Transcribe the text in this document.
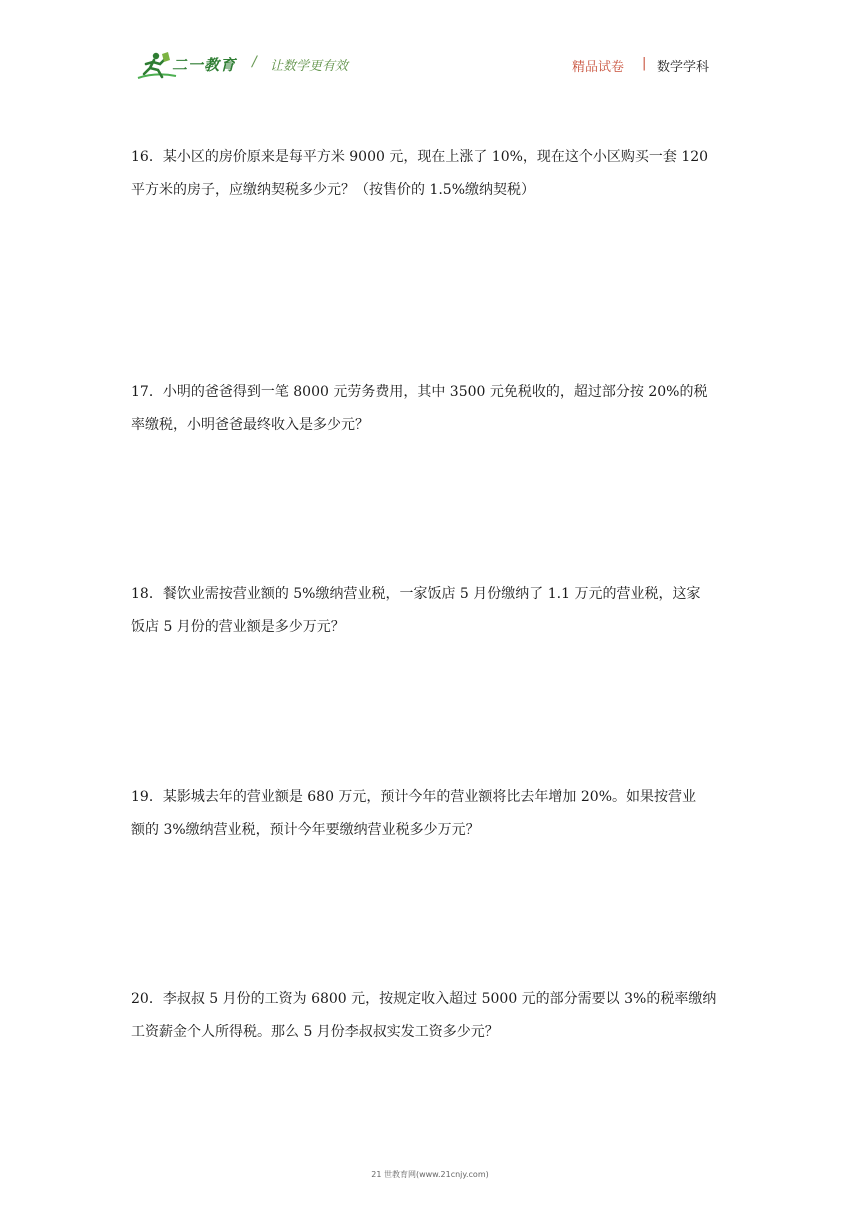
二一教育 / 让数学更有效	精品试卷 | 数学学科
16．某小区的房价原来是每平方米 9000 元，现在上涨了 10%，现在这个小区购买一套 120
平方米的房子，应缴纳契税多少元？（按售价的 1.5%缴纳契税）
17．小明的爸爸得到一笔 8000 元劳务费用，其中 3500 元免税收的，超过部分按 20%的税
率缴税，小明爸爸最终收入是多少元？
18．餐饮业需按营业额的 5%缴纳营业税，一家饭店 5 月份缴纳了 1.1 万元的营业税，这家
饭店 5 月份的营业额是多少万元？
19．某影城去年的营业额是 680 万元，预计今年的营业额将比去年增加 20%。如果按营业
额的 3%缴纳营业税，预计今年要缴纳营业税多少万元？
20．李叔叔 5 月份的工资为 6800 元，按规定收入超过 5000 元的部分需要以 3%的税率缴纳
工资薪金个人所得税。那么 5 月份李叔叔实发工资多少元？
21 世教育网(www.21cnjy.com)
